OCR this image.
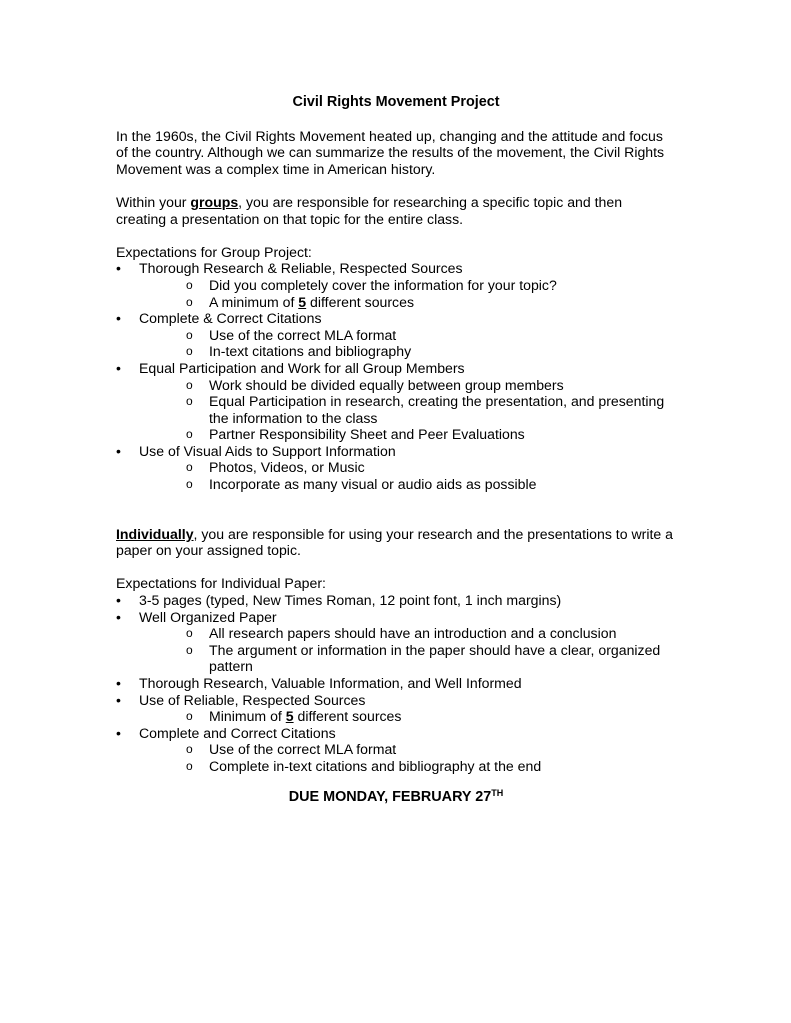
Civil Rights Movement Project

In the 1960s, the Civil Rights Movement heated up, changing and the attitude and focus of the country. Although we can summarize the results of the movement, the Civil Rights Movement was a complex time in American history.

Within your groups, you are responsible for researching a specific topic and then creating a presentation on that topic for the entire class.

Expectations for Group Project:

•	Thorough Research & Reliable, Respected Sources
o	Did you completely cover the information for your topic?
o	A minimum of 5 different sources
•	Complete & Correct Citations
o	Use of the correct MLA format
o	In-text citations and bibliography
•	Equal Participation and Work for all Group Members
o	Work should be divided equally between group members
o	Equal Participation in research, creating the presentation, and presenting the information to the class
o	Partner Responsibility Sheet and Peer Evaluations
•	Use of Visual Aids to Support Information
o	Photos, Videos, or Music
o	Incorporate as many visual or audio aids as possible

Individually, you are responsible for using your research and the presentations to write a paper on your assigned topic.

Expectations for Individual Paper:

•	3-5 pages (typed, New Times Roman, 12 point font, 1 inch margins)
•	Well Organized Paper
o	All research papers should have an introduction and a conclusion
o	The argument or information in the paper should have a clear, organized pattern
•	Thorough Research, Valuable Information, and Well Informed
•	Use of Reliable, Respected Sources
o	Minimum of 5 different sources
•	Complete and Correct Citations
o	Use of the correct MLA format
o	Complete in-text citations and bibliography at the end

DUE MONDAY, FEBRUARY 27TH
